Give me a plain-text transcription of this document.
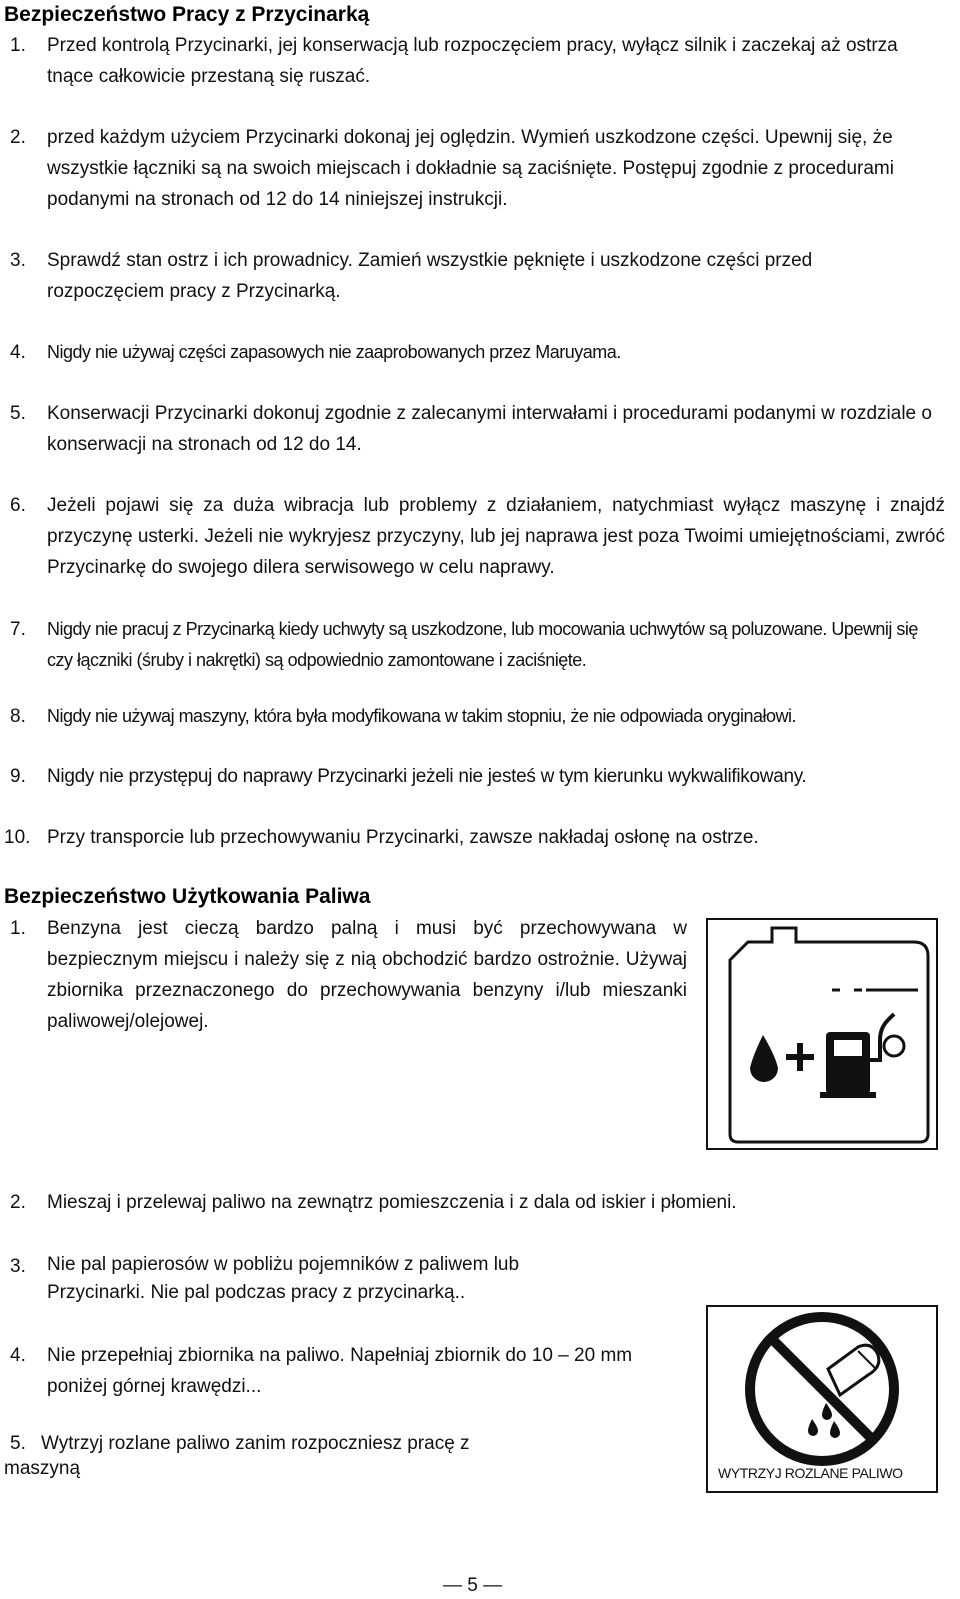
Bezpieczeństwo Pracy z Przycinarką
1. Przed kontrolą Przycinarki, jej konserwacją lub rozpoczęciem pracy, wyłącz silnik i zaczekaj aż ostrza tnące całkowicie przestaną się ruszać.
2. przed każdym użyciem Przycinarki dokonaj jej oględzin. Wymień uszkodzone części. Upewnij się, że wszystkie łączniki są na swoich miejscach i dokładnie są zaciśnięte. Postępuj zgodnie z procedurami podanymi na stronach od 12 do 14 niniejszej instrukcji.
3. Sprawdź stan ostrz i ich prowadnicy. Zamień wszystkie pęknięte i uszkodzone części przed rozpoczęciem pracy z Przycinarką.
4. Nigdy nie używaj części zapasowych nie zaaprobowanych przez Maruyama.
5. Konserwacji Przycinarki dokonuj zgodnie z zalecanymi interwałami i procedurami podanymi w rozdziale o konserwacji na stronach od 12 do 14.
6. Jeżeli pojawi się za duża wibracja lub problemy z działaniem, natychmiast wyłącz maszynę i znajdź przyczynę usterki. Jeżeli nie wykryjesz przyczyny, lub jej naprawa jest poza Twoimi umiejętnościami, zwróć Przycinarkę do swojego dilera serwisowego w celu naprawy.
7. Nigdy nie pracuj z Przycinarką kiedy uchwyty są uszkodzone, lub mocowania uchwytów są poluzowane. Upewnij się czy łączniki (śruby i nakrętki) są odpowiednio zamontowane i zaciśnięte.
8. Nigdy nie używaj maszyny, która była modyfikowana w takim stopniu, że nie odpowiada oryginałowi.
9. Nigdy nie przystępuj do naprawy Przycinarki jeżeli nie jesteś w tym kierunku wykwalifikowany.
10. Przy transporcie lub przechowywaniu Przycinarki, zawsze nakładaj osłonę na ostrze.
Bezpieczeństwo Użytkowania Paliwa
1. Benzyna jest cieczą bardzo palną i musi być przechowywana w bezpiecznym miejscu i należy się z nią obchodzić bardzo ostrożnie. Używaj zbiornika przeznaczonego do przechowywania benzyny i/lub mieszanki paliwowej/olejowej.
2. Mieszaj i przelewaj paliwo na zewnątrz pomieszczenia i z dala od iskier i płomieni.
3. Nie pal papierosów w pobliżu pojemników z paliwem lub Przycinarki. Nie pal podczas pracy z przycinarką..
4. Nie przepełniaj zbiornika na paliwo. Napełniaj zbiornik do 10 – 20 mm poniżej górnej krawędzi...
5. Wytrzyj rozlane paliwo zanim rozpoczniesz pracę z maszyną	WYTRZYJ ROZLANE PALIWO
— 5 —
